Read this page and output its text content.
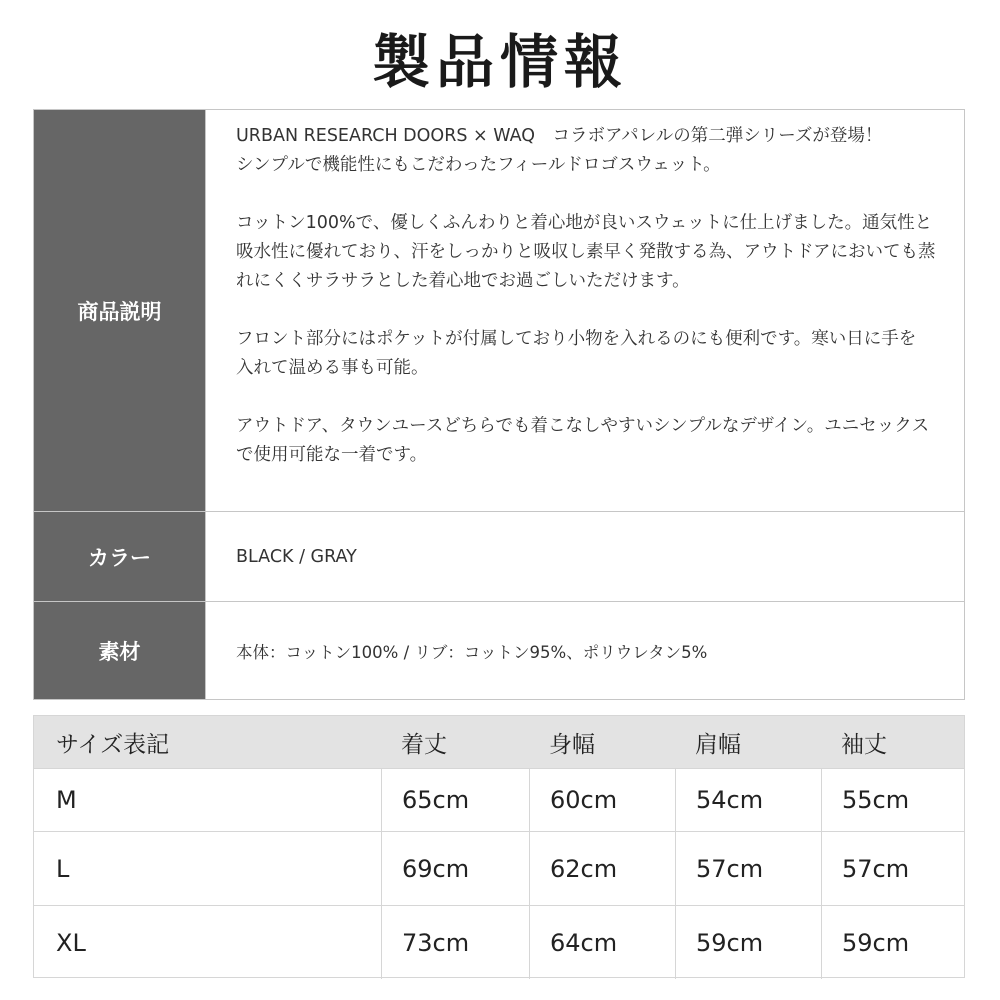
製品情報
商品説明
URBAN RESEARCH DOORS × WAQ　コラボアパレルの第二弾シリーズが登場！
シンプルで機能性にもこだわったフィールドロゴスウェット。
コットン100%で、優しくふんわりと着心地が良いスウェットに仕上げました。通気性と
吸水性に優れており、汗をしっかりと吸収し素早く発散する為、アウトドアにおいても蒸
れにくくサラサラとした着心地でお過ごしいただけます。
フロント部分にはポケットが付属しており小物を入れるのにも便利です。寒い日に手を
入れて温める事も可能。
アウトドア、タウンユースどちらでも着こなしやすいシンプルなデザイン。ユニセックス
で使用可能な一着です。
カラー	BLACK / GRAY
素材	本体：コットン100% / リブ：コットン95%、ポリウレタン5%
サイズ表記	着丈	身幅	肩幅	袖丈
M	65cm	60cm	54cm	55cm
L	69cm	62cm	57cm	57cm
XL	73cm	64cm	59cm	59cm
